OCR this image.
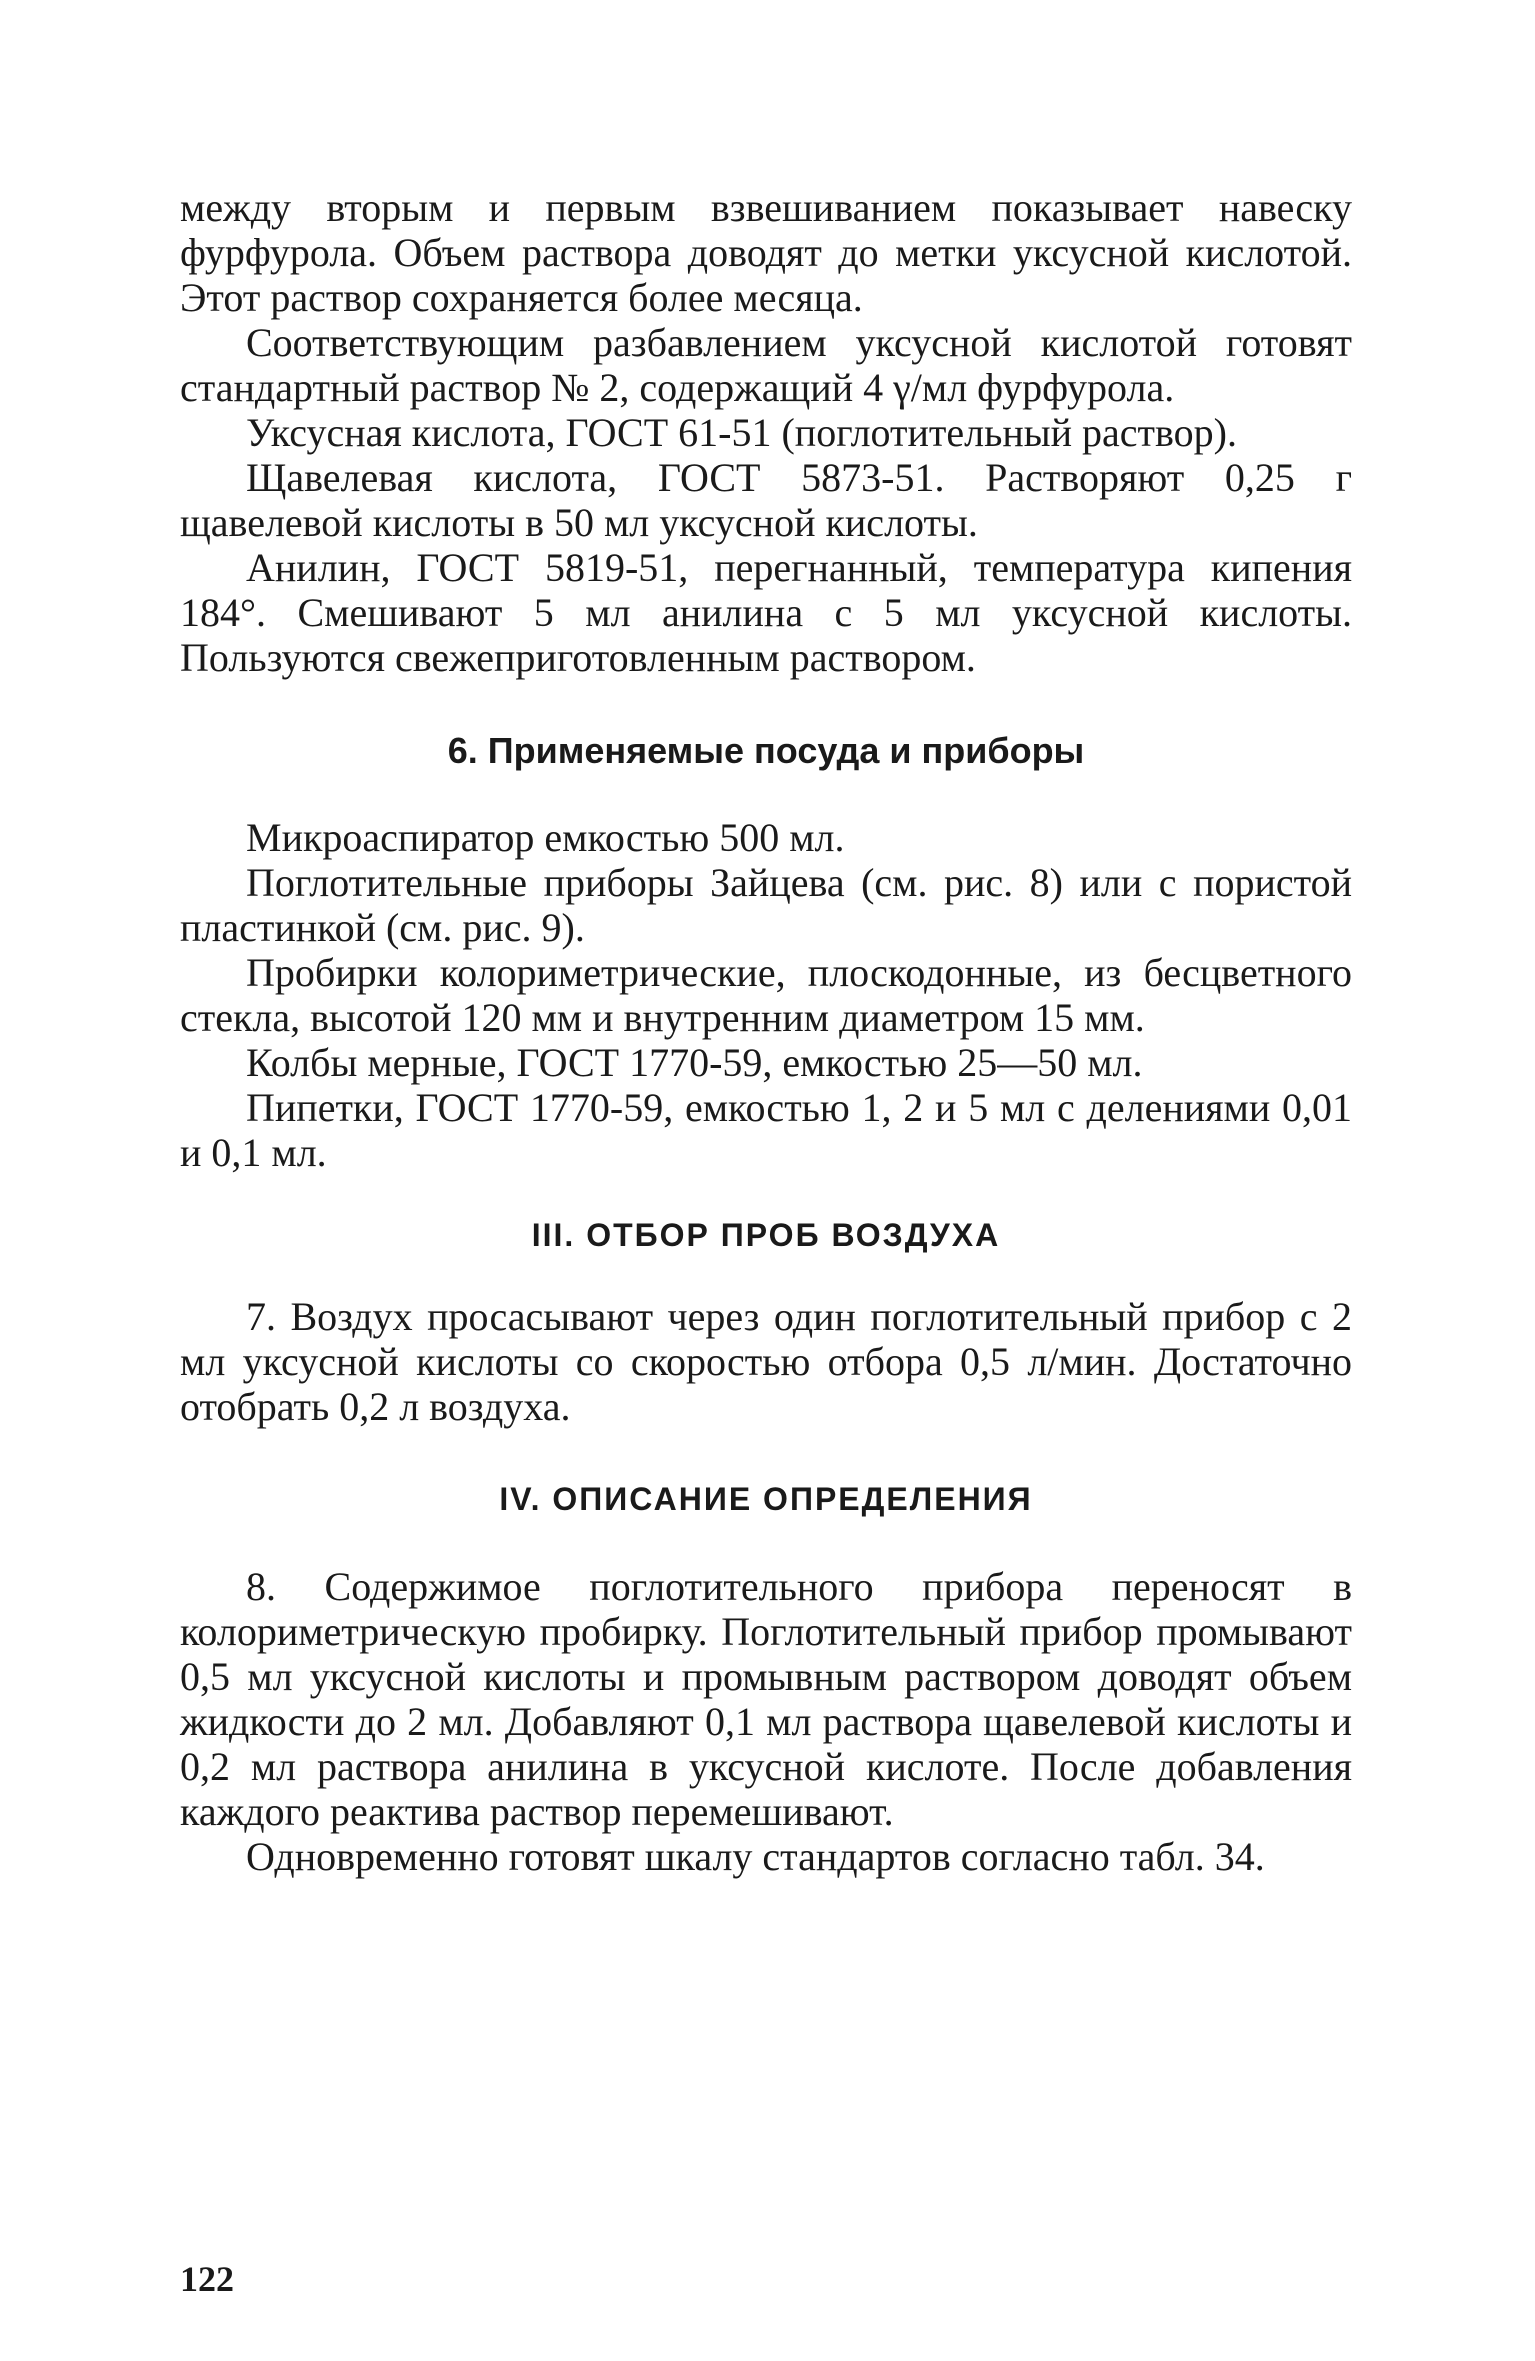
между вторым и первым взвешиванием показывает навеску фурфурола. Объем раствора доводят до метки уксусной кислотой. Этот раствор сохраняется более месяца.

Соответствующим разбавлением уксусной кислотой готовят стандартный раствор № 2, содержащий 4 γ/мл фурфурола.

Уксусная кислота, ГОСТ 61-51 (поглотительный раствор).

Щавелевая кислота, ГОСТ 5873-51. Растворяют 0,25 г щавелевой кислоты в 50 мл уксусной кислоты.

Анилин, ГОСТ 5819-51, перегнанный, температура кипения 184°. Смешивают 5 мл анилина с 5 мл уксусной кислоты. Пользуются свежеприготовленным раствором.

6. Применяемые посуда и приборы

Микроаспиратор емкостью 500 мл.

Поглотительные приборы Зайцева (см. рис. 8) или с пористой пластинкой (см. рис. 9).

Пробирки колориметрические, плоскодонные, из бесцветного стекла, высотой 120 мм и внутренним диаметром 15 мм.

Колбы мерные, ГОСТ 1770-59, емкостью 25—50 мл.

Пипетки, ГОСТ 1770-59, емкостью 1, 2 и 5 мл с делениями 0,01 и 0,1 мл.

III. ОТБОР ПРОБ ВОЗДУХА

7. Воздух просасывают через один поглотительный прибор с 2 мл уксусной кислоты со скоростью отбора 0,5 л/мин. Достаточно отобрать 0,2 л воздуха.

IV. ОПИСАНИЕ ОПРЕДЕЛЕНИЯ

8. Содержимое поглотительного прибора переносят в колориметрическую пробирку. Поглотительный прибор промывают 0,5 мл уксусной кислоты и промывным раствором доводят объем жидкости до 2 мл. Добавляют 0,1 мл раствора щавелевой кислоты и 0,2 мл раствора анилина в уксусной кислоте. После добавления каждого реактива раствор перемешивают.

Одновременно готовят шкалу стандартов согласно табл. 34.

122
